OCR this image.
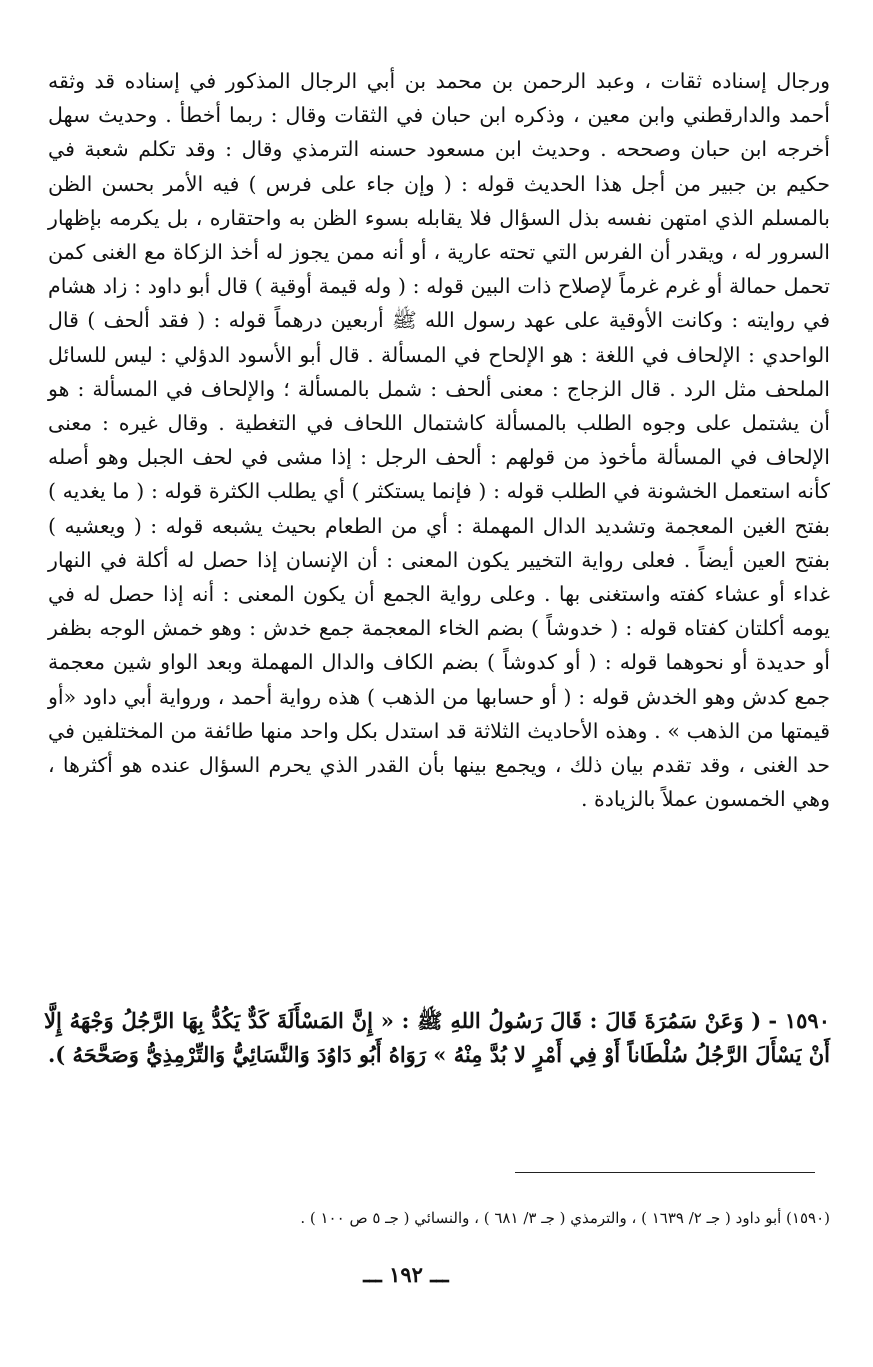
ورجال إسناده ثقات ، وعبد الرحمن بن محمد بن أبي الرجال المذكور في إسناده قد وثقه أحمد والدارقطني وابن معين ، وذكره ابن حبان في الثقات وقال : ربما أخطأ . وحديث سهل أخرجه ابن حبان وصححه . وحديث ابن مسعود حسنه الترمذي وقال : وقد تكلم شعبة في حكيم بن جبير من أجل هذا الحديث قوله : ( وإن جاء على فرس ) فيه الأمر بحسن الظن بالمسلم الذي امتهن نفسه بذل السؤال فلا يقابله بسوء الظن به واحتقاره ، بل يكرمه بإظهار السرور له ، ويقدر أن الفرس التي تحته عارية ، أو أنه ممن يجوز له أخذ الزكاة مع الغنى كمن تحمل حمالة أو غرم غرماً لإصلاح ذات البين قوله : ( وله قيمة أوقية ) قال أبو داود : زاد هشام في روايته : وكانت الأوقية على عهد رسول الله ﷺ أربعين درهماً قوله : ( فقد ألحف ) قال الواحدي : الإلحاف في اللغة : هو الإلحاح في المسألة . قال أبو الأسود الدؤلي : ليس للسائل الملحف مثل الرد . قال الزجاج : معنى ألحف : شمل بالمسألة ؛ والإلحاف في المسألة : هو أن يشتمل على وجوه الطلب بالمسألة كاشتمال اللحاف في التغطية . وقال غيره : معنى الإلحاف في المسألة مأخوذ من قولهم : ألحف الرجل : إذا مشى في لحف الجبل وهو أصله كأنه استعمل الخشونة في الطلب قوله : ( فإنما يستكثر ) أي يطلب الكثرة قوله : ( ما يغديه ) بفتح الغين المعجمة وتشديد الدال المهملة : أي من الطعام بحيث يشبعه قوله : ( ويعشيه ) بفتح العين أيضاً . فعلى رواية التخيير يكون المعنى : أن الإنسان إذا حصل له أكلة في النهار غداء أو عشاء كفته واستغنى بها . وعلى رواية الجمع أن يكون المعنى : أنه إذا حصل له في يومه أكلتان كفتاه قوله : ( خدوشاً ) بضم الخاء المعجمة جمع خدش : وهو خمش الوجه بظفر أو حديدة أو نحوهما قوله : ( أو كدوشاً ) بضم الكاف والدال المهملة وبعد الواو شين معجمة جمع كدش وهو الخدش قوله : ( أو حسابها من الذهب ) هذه رواية أحمد ، ورواية أبي داود «أو قيمتها من الذهب » . وهذه الأحاديث الثلاثة قد استدل بكل واحد منها طائفة من المختلفين في حد الغنى ، وقد تقدم بيان ذلك ، ويجمع بينها بأن القدر الذي يحرم السؤال عنده هو أكثرها ، وهي الخمسون عملاً بالزيادة .

١٥٩٠ - ( وَعَنْ سَمُرَةَ قَالَ : قَالَ رَسُولُ اللهِ ﷺ : « إِنَّ المَسْأَلَةَ كَدٌّ يَكُدُّ بِهَا الرَّجُلُ وَجْهَهُ إِلَّا أَنْ يَسْأَلَ الرَّجُلُ سُلْطَاناً أَوْ فِي أَمْرٍ لا بُدَّ مِنْهُ » رَوَاهُ أَبُو دَاوُدَ وَالنَّسَائِيُّ وَالتِّرْمِذِيُّ وَصَحَّحَهُ ).

(١٥٩٠) أبو داود ( جـ ٢/ ١٦٣٩ ) ، والترمذي ( جـ ٣/ ٦٨١ ) ، والنسائي ( جـ ٥ ص ١٠٠ ) .
ـــ ١٩٢ ـــ
